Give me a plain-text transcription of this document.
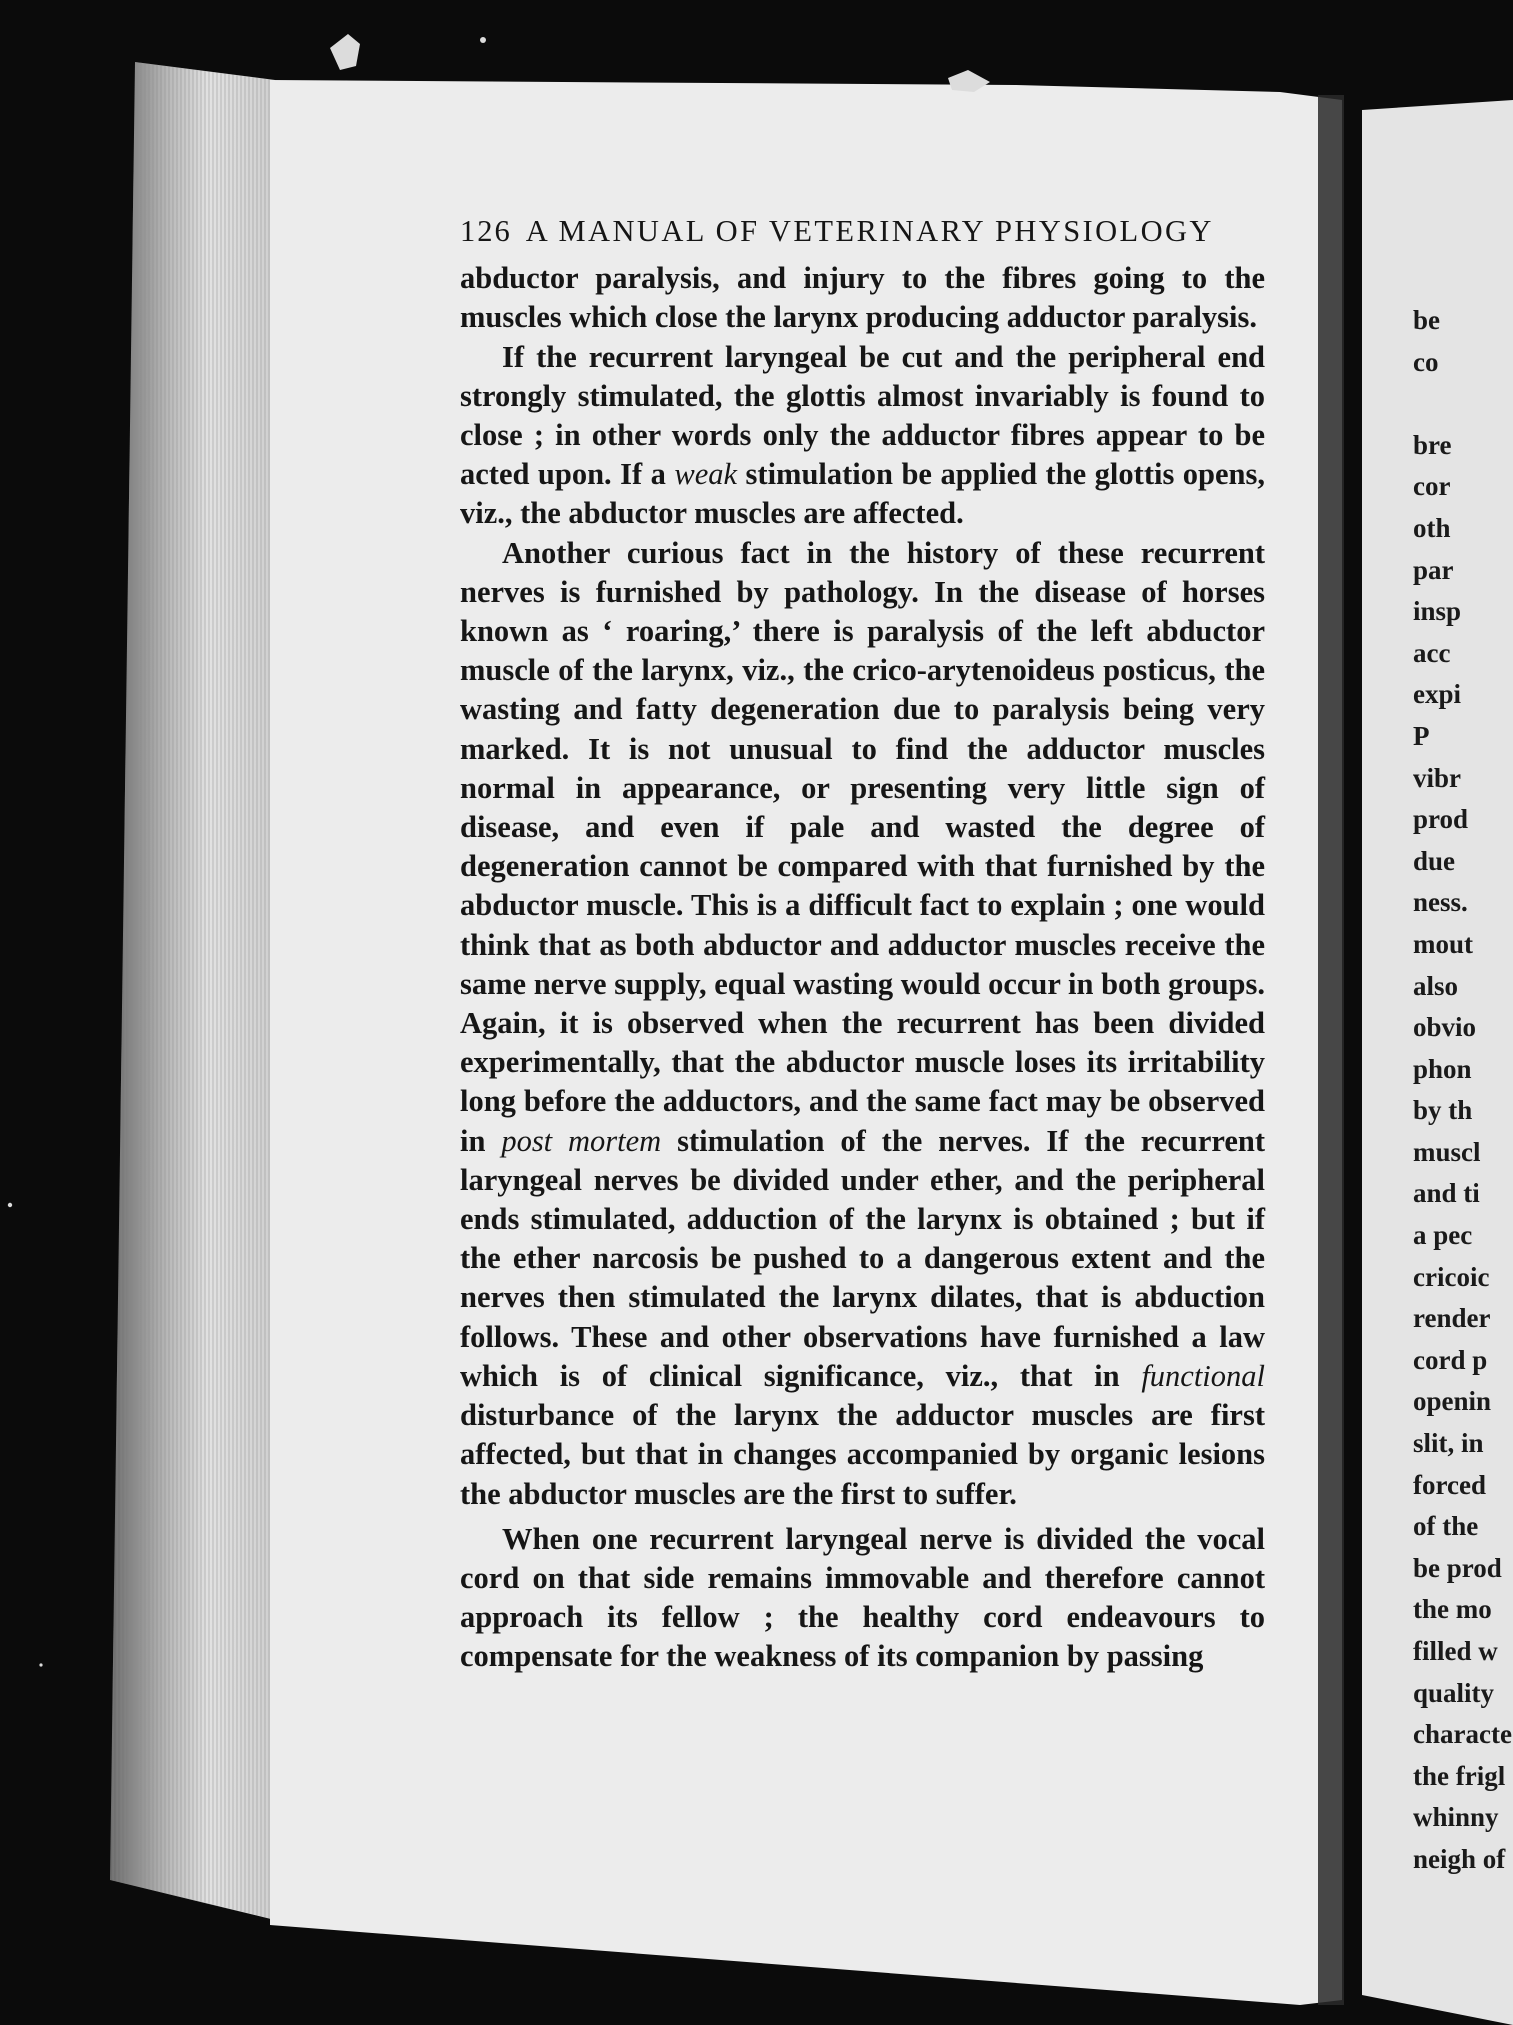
126 A MANUAL OF VETERINARY PHYSIOLOGY

abductor paralysis, and injury to the fibres going to the muscles which close the larynx producing adductor paralysis.

If the recurrent laryngeal be cut and the peripheral end strongly stimulated, the glottis almost invariably is found to close ; in other words only the adductor fibres appear to be acted upon. If a weak stimulation be applied the glottis opens, viz., the abductor muscles are affected.

Another curious fact in the history of these recurrent nerves is furnished by pathology. In the disease of horses known as ‘ roaring,’ there is paralysis of the left abductor muscle of the larynx, viz., the crico-arytenoideus posticus, the wasting and fatty degeneration due to paralysis being very marked. It is not unusual to find the adductor muscles normal in appearance, or presenting very little sign of disease, and even if pale and wasted the degree of degeneration cannot be compared with that furnished by the abductor muscle. This is a difficult fact to explain ; one would think that as both abductor and adductor muscles receive the same nerve supply, equal wasting would occur in both groups. Again, it is observed when the recurrent has been divided experimentally, that the abductor muscle loses its irritability long before the adductors, and the same fact may be observed in post mortem stimulation of the nerves. If the recurrent laryngeal nerves be divided under ether, and the peripheral ends stimulated, adduction of the larynx is obtained ; but if the ether narcosis be pushed to a dangerous extent and the nerves then stimulated the larynx dilates, that is abduction follows. These and other observations have furnished a law which is of clinical significance, viz., that in functional disturbance of the larynx the adductor muscles are first affected, but that in changes accompanied by organic lesions the abductor muscles are the first to suffer.

When one recurrent laryngeal nerve is divided the vocal cord on that side remains immovable and therefore cannot approach its fellow ; the healthy cord endeavours to compensate for the weakness of its companion by passing

be
co

bre
cor
oth
par
insp
acc
expi
P
vibr
prod
due
ness.
mout
also
obvio
phon
by th
muscl
and ti
a pec
cricoic
render
cord p
openin
slit, in
forced
of the
be prod
the mo
filled w
quality
characte
the frigl
whinny
neigh of
